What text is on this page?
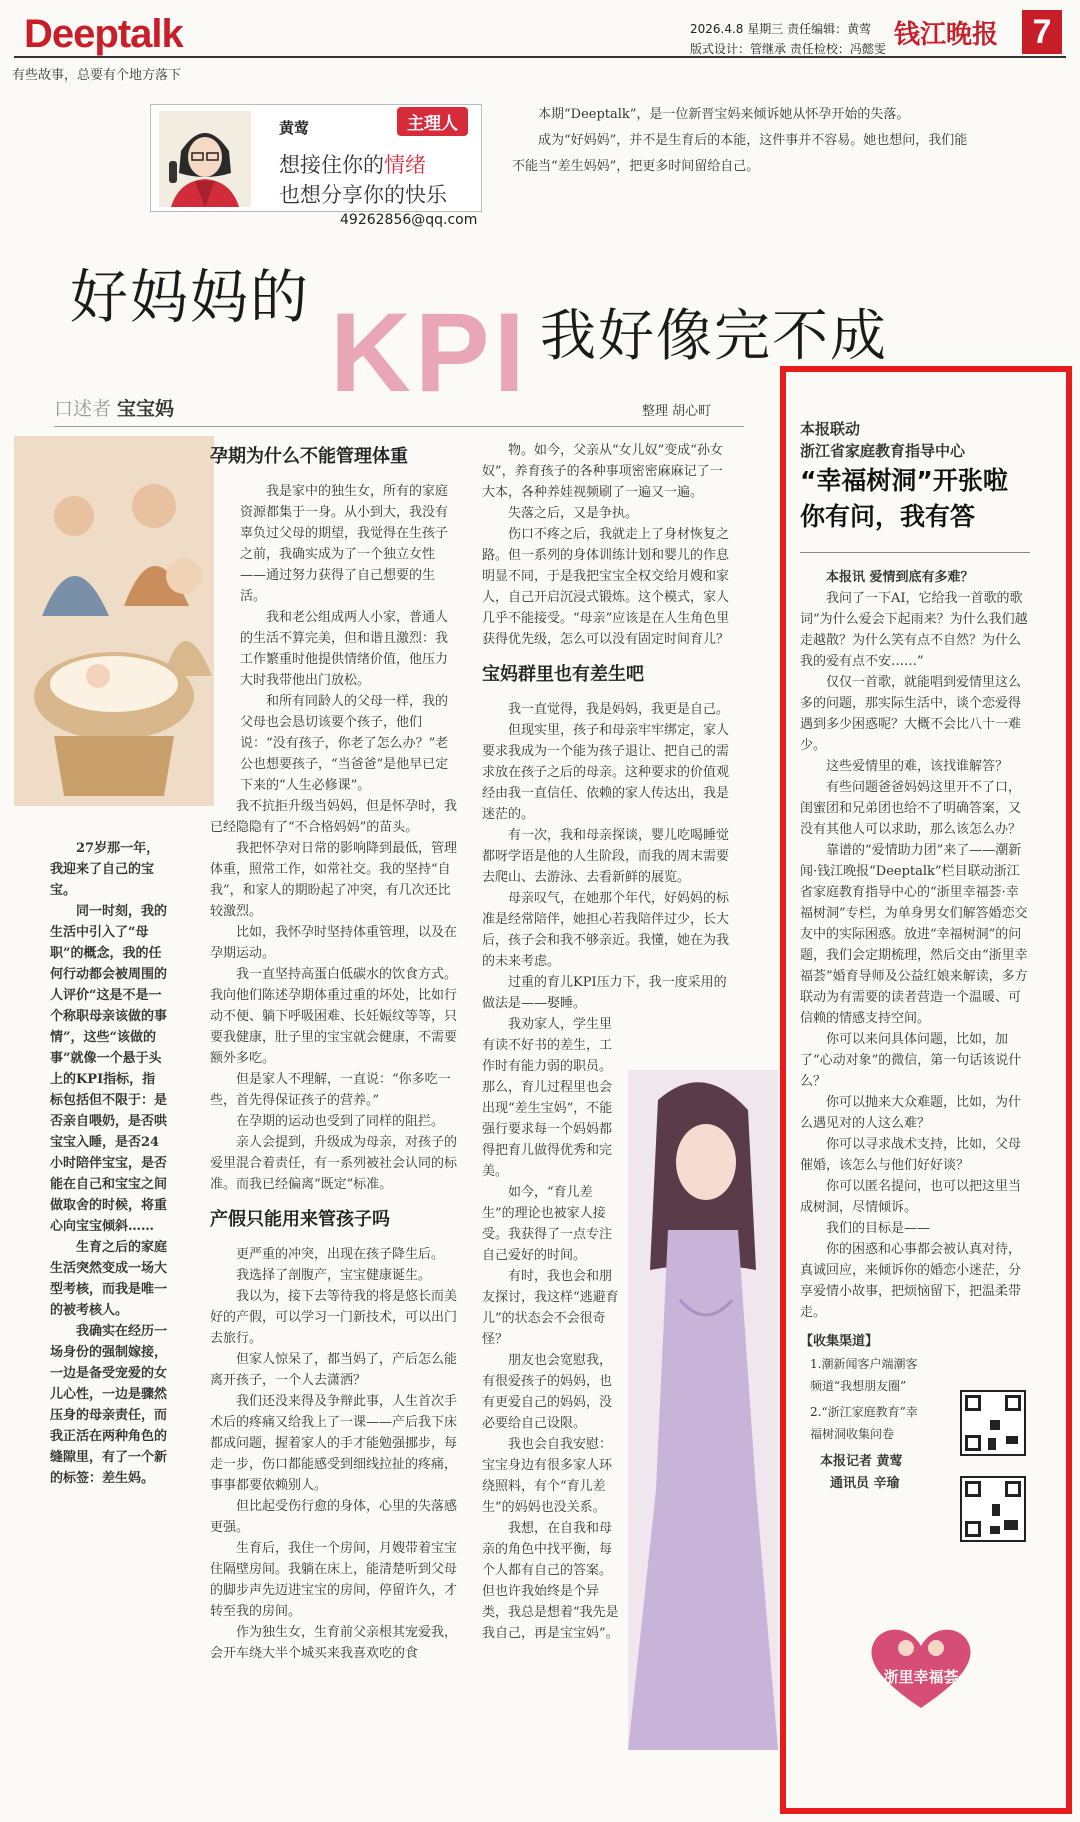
Deeptalk	2026.4.8 星期三 责任编辑：黄莺
版式设计：管继承 责任检校：冯懿雯 钱江晚报	7
有些故事，总要有个地方落下
黄莺	主理人
想接住你的情绪
也想分享你的快乐
49262856@qq.com

本期“Deeptalk”，是一位新晋宝妈来倾诉她从怀孕开始的失落。

成为“好妈妈”，并不是生育后的本能，这件事并不容易。她也想问，我们能不能当“差生妈妈”，把更多时间留给自己。

好妈妈的 KPI 我好像完不成
口述者 宝宝妈	整理 胡心町

27岁那一年，我迎来了自己的宝宝。

同一时刻，我的生活中引入了“母职”的概念，我的任何行动都会被周围的人评价“这是不是一个称职母亲该做的事情”，这些“该做的事”就像一个悬于头上的KPI指标，指标包括但不限于：是否亲自喂奶，是否哄宝宝入睡，是否24小时陪伴宝宝，是否能在自己和宝宝之间做取舍的时候，将重心向宝宝倾斜……

生育之后的家庭生活突然变成一场大型考核，而我是唯一的被考核人。

我确实在经历一场身份的强制嫁接，一边是备受宠爱的女儿心性，一边是骤然压身的母亲责任，而我正活在两种角色的缝隙里，有了一个新的标签：差生妈。

孕期为什么不能管理体重

我是家中的独生女，所有的家庭资源都集于一身。从小到大，我没有辜负过父母的期望，我觉得在生孩子之前，我确实成为了一个独立女性——通过努力获得了自己想要的生活。

我和老公组成两人小家，普通人的生活不算完美，但和谐且激烈：我工作繁重时他提供情绪价值，他压力大时我带他出门放松。

和所有同龄人的父母一样，我的父母也会恳切该要个孩子，他们说：“没有孩子，你老了怎么办？”老公也想要孩子，“当爸爸”是他早已定下来的“人生必修课”。

我不抗拒升级当妈妈，但是怀孕时，我已经隐隐有了“不合格妈妈”的苗头。

我把怀孕对日常的影响降到最低，管理体重，照常工作，如常社交。我的坚持“自我”，和家人的期盼起了冲突，有几次还比较激烈。

比如，我怀孕时坚持体重管理，以及在孕期运动。

我一直坚持高蛋白低碳水的饮食方式。我向他们陈述孕期体重过重的坏处，比如行动不便、躺下呼吸困难、长妊娠纹等等，只要我健康，肚子里的宝宝就会健康，不需要额外多吃。

但是家人不理解，一直说：“你多吃一些，首先得保证孩子的营养。”

在孕期的运动也受到了同样的阻拦。

亲人会提到，升级成为母亲，对孩子的爱里混合着责任，有一系列被社会认同的标准。而我已经偏离“既定”标准。

产假只能用来管孩子吗

更严重的冲突，出现在孩子降生后。

我选择了剖腹产，宝宝健康诞生。

我以为，接下去等待我的将是悠长而美好的产假，可以学习一门新技术，可以出门去旅行。

但家人惊呆了，都当妈了，产后怎么能离开孩子，一个人去潇洒？

我们还没来得及争辩此事，人生首次手术后的疼痛又给我上了一课——产后我下床都成问题，握着家人的手才能勉强挪步，每走一步，伤口都能感受到细线拉扯的疼痛，事事都要依赖别人。

但比起受伤行愈的身体，心里的失落感更强。

生育后，我住一个房间，月嫂带着宝宝住隔壁房间。我躺在床上，能清楚听到父母的脚步声先迈进宝宝的房间，停留许久，才转至我的房间。

作为独生女，生育前父亲根其宠爱我，会开车绕大半个城买来我喜欢吃的食

物。如今，父亲从“女儿奴”变成“孙女奴”，养育孩子的各种事项密密麻麻记了一大本，各种养娃视频刷了一遍又一遍。

失落之后，又是争执。

伤口不疼之后，我就走上了身材恢复之路。但一系列的身体训练计划和婴儿的作息明显不同，于是我把宝宝全权交给月嫂和家人，自己开启沉浸式锻炼。这个模式，家人几乎不能接受。“母亲”应该是在人生角色里获得优先级，怎么可以没有固定时间育儿？

宝妈群里也有差生吧

我一直觉得，我是妈妈，我更是自己。

但现实里，孩子和母亲牢牢绑定，家人要求我成为一个能为孩子退让、把自己的需求放在孩子之后的母亲。这种要求的价值观经由我一直信任、依赖的家人传达出，我是迷茫的。

有一次，我和母亲探谈，婴儿吃喝睡觉都呀学语是他的人生阶段，而我的周末需要去爬山、去游泳、去看新鲜的展览。

母亲叹气，在她那个年代，好妈妈的标准是经常陪伴，她担心若我陪伴过少，长大后，孩子会和我不够亲近。我懂，她在为我的未来考虑。

过重的育儿KPI压力下，我一度采用的做法是——娶睡。

我劝家人，学生里有读不好书的差生，工作时有能力弱的职员。那么，育儿过程里也会出现“差生宝妈”，不能强行要求每一个妈妈都得把育儿做得优秀和完美。

如今，“育儿差生”的理论也被家人接受。我获得了一点专注自己爱好的时间。

有时，我也会和朋友探讨，我这样“逃避育儿”的状态会不会很奇怪？

朋友也会宽慰我，有很爱孩子的妈妈，也有更爱自己的妈妈，没必要给自己设限。

我也会自我安慰：宝宝身边有很多家人环绕照料，有个“育儿差生”的妈妈也没关系。

我想，在自我和母亲的角色中找平衡，每个人都有自己的答案。但也许我始终是个异类，我总是想着“我先是我自己，再是宝宝妈”。

本报联动
浙江省家庭教育指导中心
“幸福树洞”开张啦
你有问，我有答

本报讯 爱情到底有多难？

我问了一下AI，它给我一首歌的歌词“为什么爱会下起雨来？为什么我们越走越散？为什么笑有点不自然？为什么我的爱有点不安……”

仅仅一首歌，就能唱到爱情里这么多的问题，那实际生活中，谈个恋爱得遇到多少困惑呢？大概不会比八十一难少。

这些爱情里的难，该找谁解答？

有些问题爸爸妈妈这里开不了口，闺蜜团和兄弟团也给不了明确答案，又没有其他人可以求助，那么该怎么办？

靠谱的“爱情助力团”来了——潮新闻·钱江晚报“Deeptalk”栏目联动浙江省家庭教育指导中心的“浙里幸福荟·幸福树洞”专栏，为单身男女们解答婚恋交友中的实际困惑。放进“幸福树洞”的问题，我们会定期梳理，然后交由“浙里幸福荟”婚育导师及公益红娘来解读，多方联动为有需要的读者营造一个温暖、可信赖的情感支持空间。

你可以来问具体问题，比如，加了“心动对象”的微信，第一句话该说什么？

你可以抛来大众难题，比如，为什么遇见对的人这么难？

你可以寻求战术支持，比如，父母催婚，该怎么与他们好好谈？

你可以匿名提问，也可以把这里当成树洞，尽情倾诉。

我们的目标是——

你的困惑和心事都会被认真对待，真诚回应，来倾诉你的婚恋小迷茫，分享爱情小故事，把烦恼留下，把温柔带走。

【收集渠道】
1.潮新闻客户端潮客频道“我想朋友圈”
2.“浙江家庭教育”幸福树洞收集问卷
本报记者 黄莺
通讯员 辛瑜
浙里幸福荟
